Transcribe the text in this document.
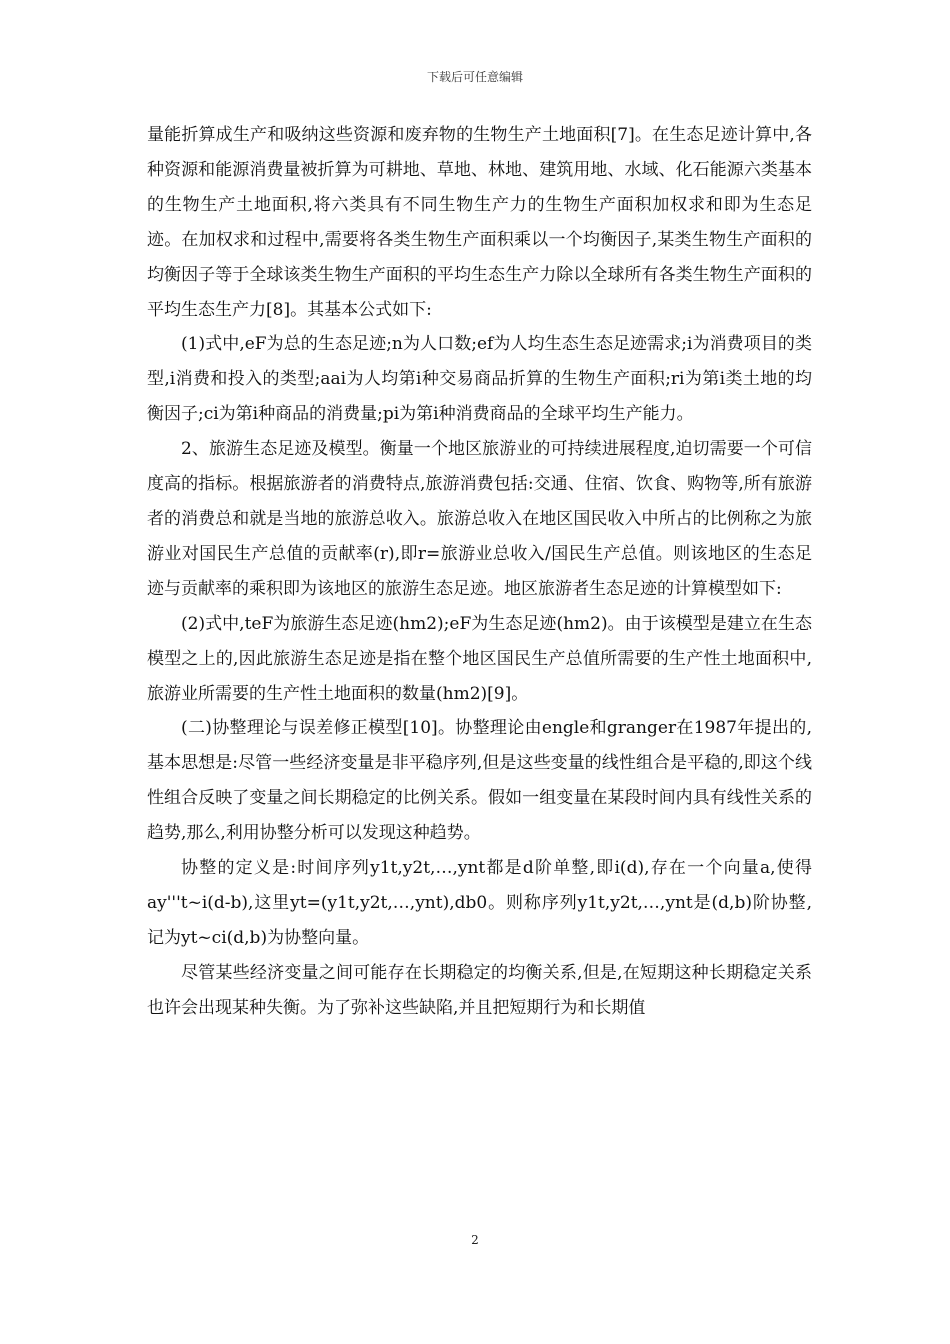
下载后可任意编辑

量能折算成生产和吸纳这些资源和废弃物的生物生产土地面积[7]。在生态足迹计算中,各种资源和能源消费量被折算为可耕地、草地、林地、建筑用地、水域、化石能源六类基本的生物生产土地面积,将六类具有不同生物生产力的生物生产面积加权求和即为生态足迹。在加权求和过程中,需要将各类生物生产面积乘以一个均衡因子,某类生物生产面积的均衡因子等于全球该类生物生产面积的平均生态生产力除以全球所有各类生物生产面积的平均生态生产力[8]。其基本公式如下:

(1)式中,eF为总的生态足迹;n为人口数;ef为人均生态生态足迹需求;i为消费项目的类型,i消费和投入的类型;aai为人均第i种交易商品折算的生物生产面积;ri为第i类土地的均衡因子;ci为第i种商品的消费量;pi为第i种消费商品的全球平均生产能力。

2、旅游生态足迹及模型。衡量一个地区旅游业的可持续进展程度,迫切需要一个可信度高的指标。根据旅游者的消费特点,旅游消费包括:交通、住宿、饮食、购物等,所有旅游者的消费总和就是当地的旅游总收入。旅游总收入在地区国民收入中所占的比例称之为旅游业对国民生产总值的贡献率(r),即r=旅游业总收入/国民生产总值。则该地区的生态足迹与贡献率的乘积即为该地区的旅游生态足迹。地区旅游者生态足迹的计算模型如下:

(2)式中,teF为旅游生态足迹(hm2);eF为生态足迹(hm2)。由于该模型是建立在生态模型之上的,因此旅游生态足迹是指在整个地区国民生产总值所需要的生产性土地面积中,旅游业所需要的生产性土地面积的数量(hm2)[9]。

(二)协整理论与误差修正模型[10]。协整理论由engle和granger在1987年提出的,基本思想是:尽管一些经济变量是非平稳序列,但是这些变量的线性组合是平稳的,即这个线性组合反映了变量之间长期稳定的比例关系。假如一组变量在某段时间内具有线性关系的趋势,那么,利用协整分析可以发现这种趋势。

协整的定义是:时间序列y1t,y2t,…,ynt都是d阶单整,即i(d),存在一个向量a,使得ay'''t~i(d-b),这里yt=(y1t,y2t,…,ynt),db0。则称序列y1t,y2t,…,ynt是(d,b)阶协整,记为yt~ci(d,b)为协整向量。

尽管某些经济变量之间可能存在长期稳定的均衡关系,但是,在短期这种长期稳定关系也许会出现某种失衡。为了弥补这些缺陷,并且把短期行为和长期值

2
